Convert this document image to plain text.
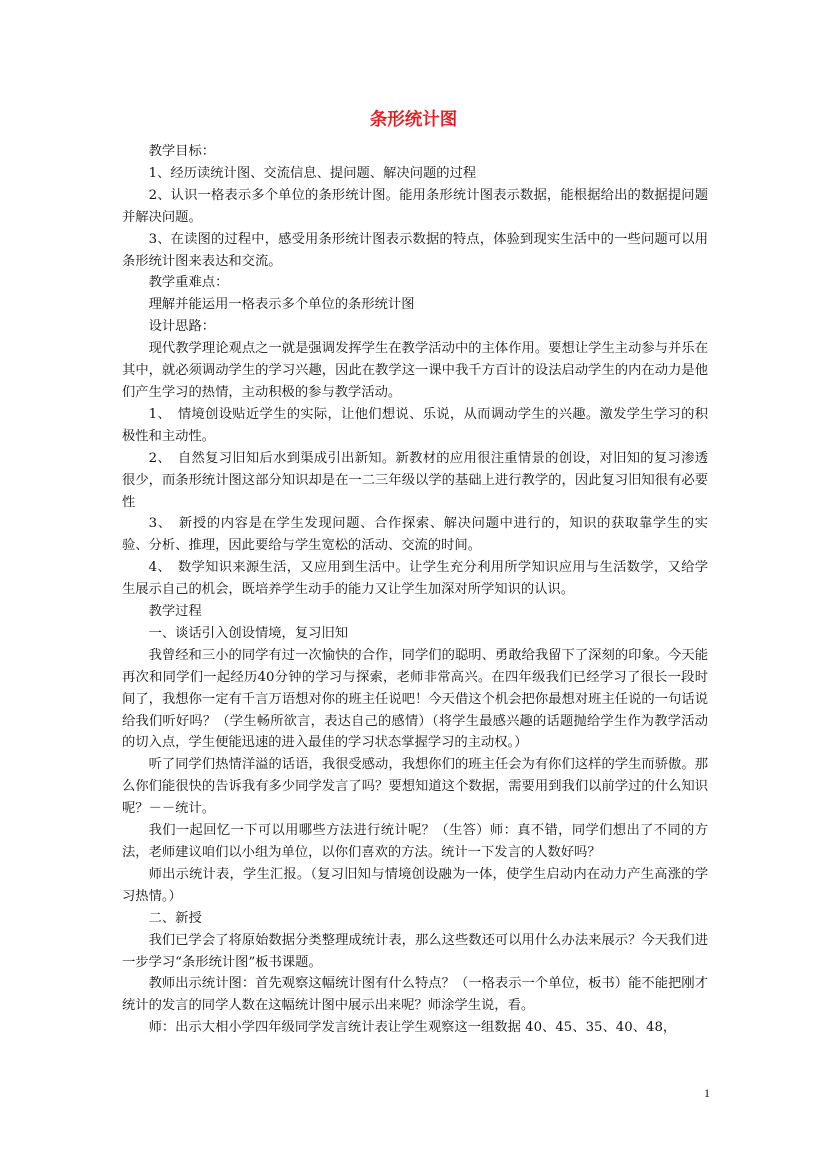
条形统计图

教学目标：

1、经历读统计图、交流信息、提问题、解决问题的过程

2、认识一格表示多个单位的条形统计图。能用条形统计图表示数据，能根据给出的数据提问题并解决问题。

3、在读图的过程中，感受用条形统计图表示数据的特点，体验到现实生活中的一些问题可以用条形统计图来表达和交流。

教学重难点：

理解并能运用一格表示多个单位的条形统计图

设计思路：

现代教学理论观点之一就是强调发挥学生在教学活动中的主体作用。要想让学生主动参与并乐在其中，就必须调动学生的学习兴趣，因此在教学这一课中我千方百计的设法启动学生的内在动力是他们产生学习的热情，主动积极的参与教学活动。

1、　情境创设贴近学生的实际，让他们想说、乐说，从而调动学生的兴趣。激发学生学习的积极性和主动性。

2、　自然复习旧知后水到渠成引出新知。新教材的应用很注重情景的创设，对旧知的复习渗透很少，而条形统计图这部分知识却是在一二三年级以学的基础上进行教学的，因此复习旧知很有必要性

3、　新授的内容是在学生发现问题、合作探索、解决问题中进行的，知识的获取靠学生的实验、分析、推理，因此要给与学生宽松的活动、交流的时间。

4、　数学知识来源生活，又应用到生活中。让学生充分利用所学知识应用与生活数学，又给学生展示自己的机会，既培养学生动手的能力又让学生加深对所学知识的认识。

教学过程

一、谈话引入创设情境，复习旧知

我曾经和三小的同学有过一次愉快的合作，同学们的聪明、勇敢给我留下了深刻的印象。今天能再次和同学们一起经历40分钟的学习与探索，老师非常高兴。在四年级我们已经学习了很长一段时间了，我想你一定有千言万语想对你的班主任说吧！今天借这个机会把你最想对班主任说的一句话说给我们听好吗？（学生畅所欲言，表达自己的感情）（将学生最感兴趣的话题抛给学生作为教学活动的切入点，学生便能迅速的进入最佳的学习状态掌握学习的主动权。）

听了同学们热情洋溢的话语，我很受感动，我想你们的班主任会为有你们这样的学生而骄傲。那么你们能很快的告诉我有多少同学发言了吗？要想知道这个数据，需要用到我们以前学过的什么知识呢？－－统计。

我们一起回忆一下可以用哪些方法进行统计呢？（生答）师：真不错，同学们想出了不同的方法，老师建议咱们以小组为单位，以你们喜欢的方法。统计一下发言的人数好吗？

师出示统计表，学生汇报。（复习旧知与情境创设融为一体，使学生启动内在动力产生高涨的学习热情。）

二、新授

我们已学会了将原始数据分类整理成统计表，那么这些数还可以用什么办法来展示？今天我们进一步学习“条形统计图”板书课题。

教师出示统计图：首先观察这幅统计图有什么特点？（一格表示一个单位，板书）能不能把刚才统计的发言的同学人数在这幅统计图中展示出来呢？师涂学生说，看。

师：出示大相小学四年级同学发言统计表让学生观察这一组数据 40、45、35、40、48，

1
